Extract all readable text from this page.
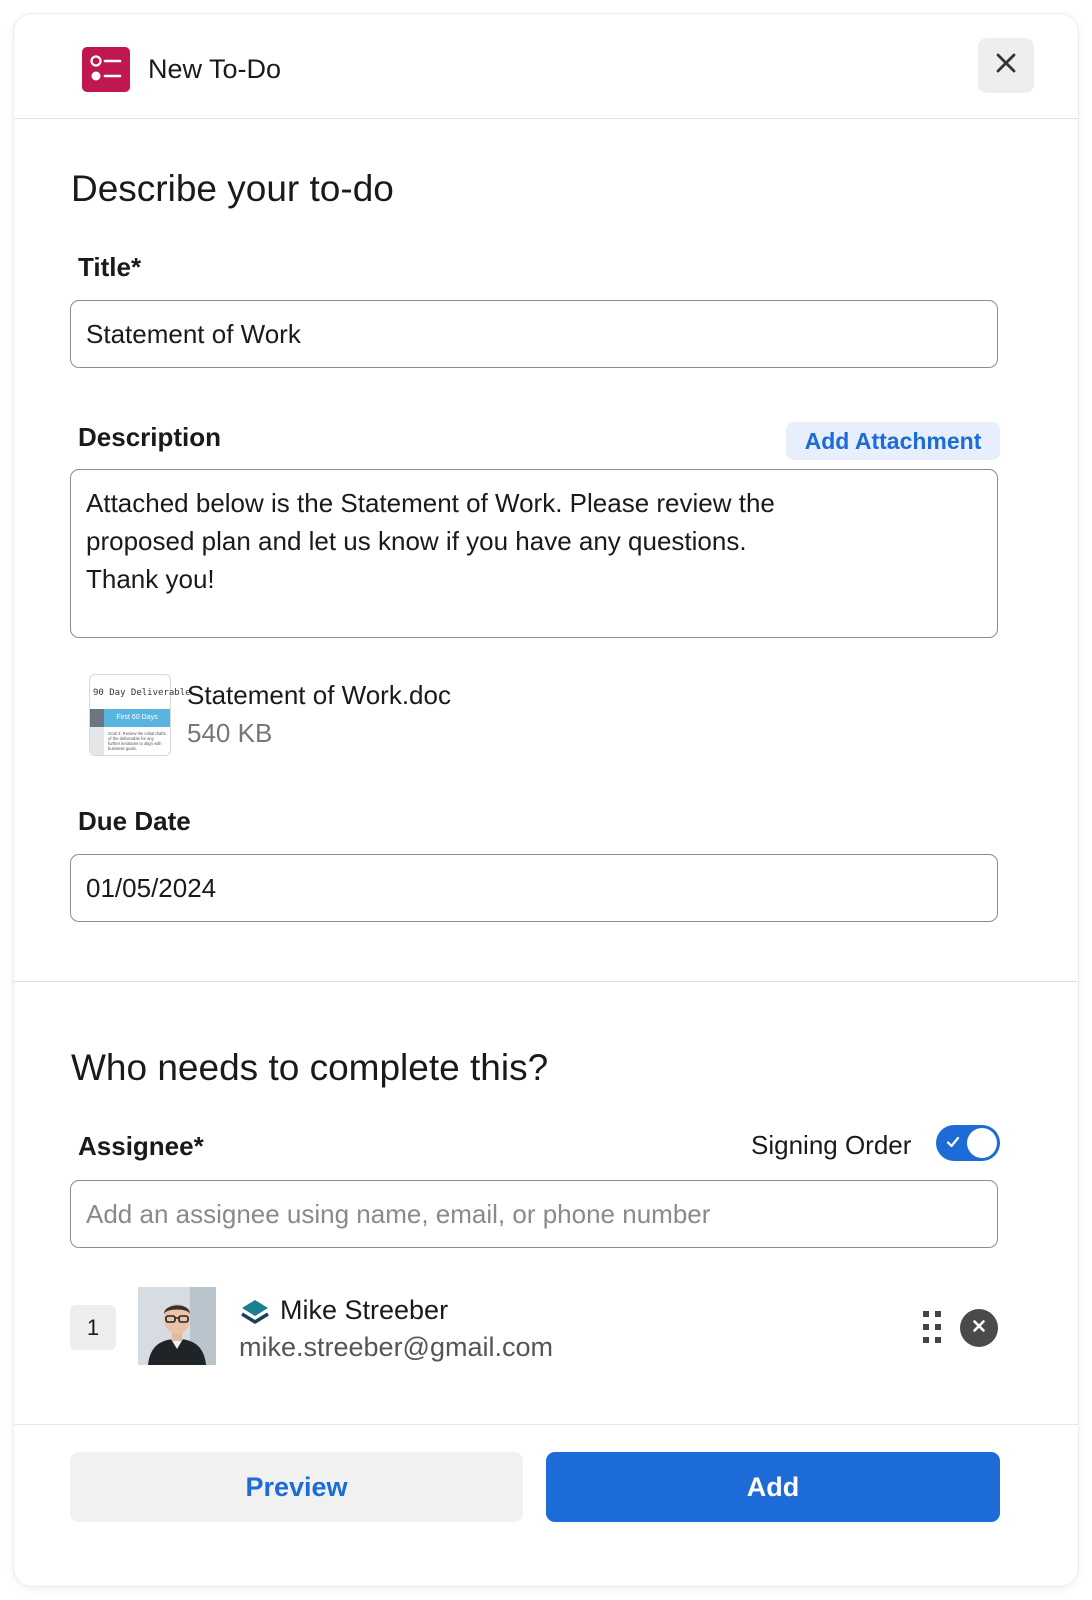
New To-Do
Describe your to-do
Title*
Statement of Work
Description	Add Attachment
Attached below is the Statement of Work. Please review the
proposed plan and let us know if you have any questions.
Thank you!
90 Day Deliverable
First 60 Days
Goal 2: Review the initial drafts of the deliverable for any further iterations to align with business goals.
Statement of Work.doc
540 KB
Due Date
01/05/2024
Who needs to complete this?
Assignee*	Signing Order
Add an assignee using name, email, or phone number
1
Mike Streeber
mike.streeber@gmail.com
Preview	Add
